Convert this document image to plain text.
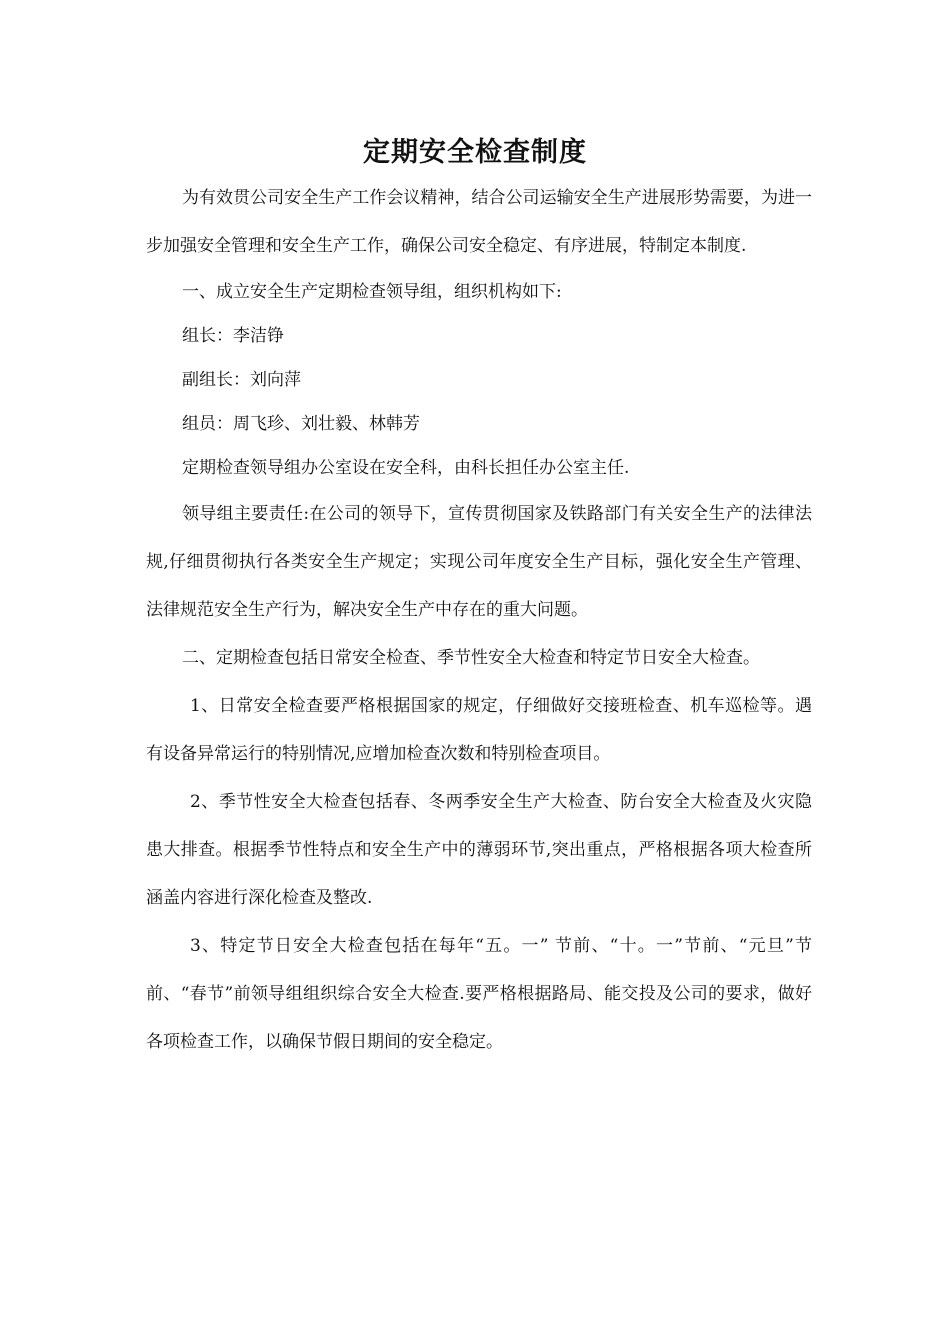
定期安全检查制度

为有效贯公司安全生产工作会议精神，结合公司运输安全生产进展形势需要，为进一步加强安全管理和安全生产工作，确保公司安全稳定、有序进展，特制定本制度.

一、成立安全生产定期检查领导组，组织机构如下:

组长：李洁铮

副组长：刘向萍

组员：周飞珍、刘壮毅、林韩芳

定期检查领导组办公室设在安全科，由科长担任办公室主任.

领导组主要责任:在公司的领导下，宣传贯彻国家及铁路部门有关安全生产的法律法规,仔细贯彻执行各类安全生产规定；实现公司年度安全生产目标，强化安全生产管理、法律规范安全生产行为，解决安全生产中存在的重大问题。

二、定期检查包括日常安全检查、季节性安全大检查和特定节日安全大检查。

1、日常安全检查要严格根据国家的规定，仔细做好交接班检查、机车巡检等。遇有设备异常运行的特别情况,应增加检查次数和特别检查项目。

2、季节性安全大检查包括春、冬两季安全生产大检查、防台安全大检查及火灾隐患大排查。根据季节性特点和安全生产中的薄弱环节,突出重点，严格根据各项大检查所涵盖内容进行深化检查及整改.

3、特定节日安全大检查包括在每年“五。一” 节前、“十。一”节前、“元旦”节前、“春节”前领导组组织综合安全大检查.要严格根据路局、能交投及公司的要求，做好各项检查工作，以确保节假日期间的安全稳定。
